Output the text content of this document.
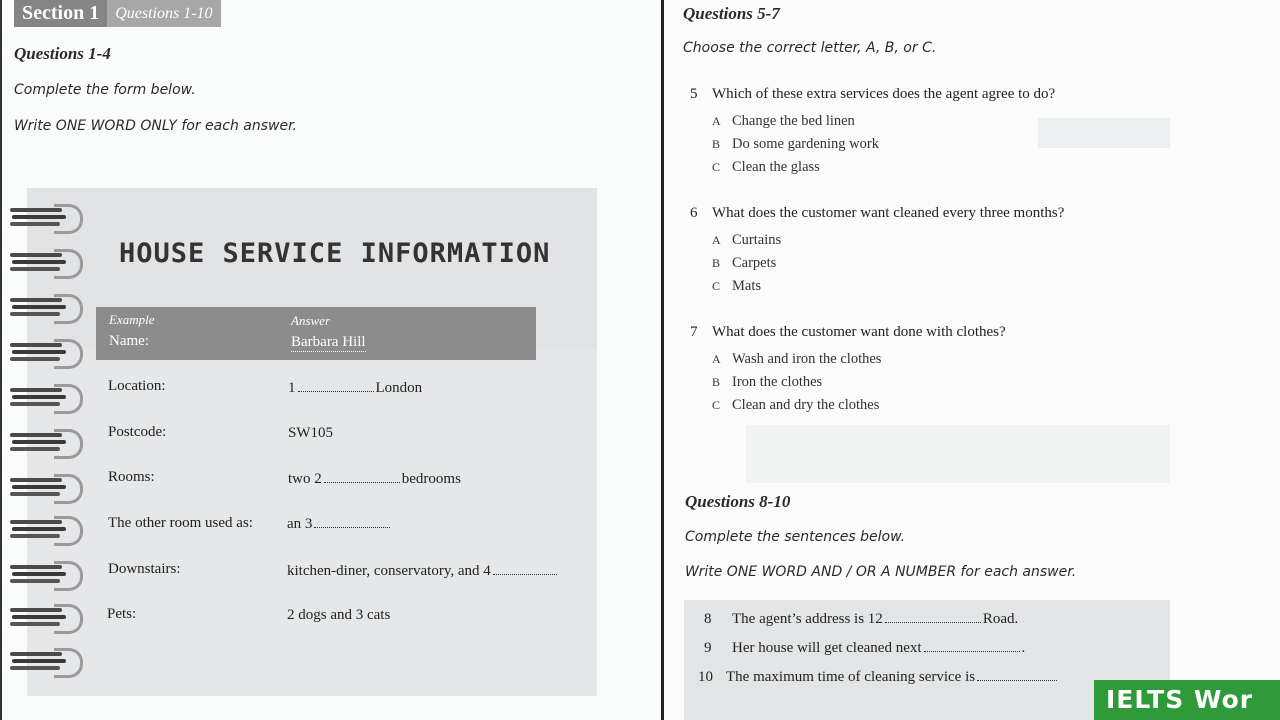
Section 1	Questions 1-10
Questions 1-4
Complete the form below.
Write ONE WORD ONLY for each answer.
HOUSE SERVICE INFORMATION
Example	Answer
Name:	Barbara Hill
Location:	1	London
Postcode:	SW105
Rooms:	two 2	bedrooms
The other room used as: an 3
Downstairs:	kitchen-diner, conservatory, and 4
Pets:	2 dogs and 3 cats
Questions 5-7
Choose the correct letter, A, B, or C.
5 Which of these extra services does the agent agree to do?
A Change the bed linen
B Do some gardening work
C Clean the glass
6 What does the customer want cleaned every three months?
A Curtains
B Carpets
C Mats
7 What does the customer want done with clothes?
A Wash and iron the clothes
B Iron the clothes
C Clean and dry the clothes
Questions 8-10
Complete the sentences below.
Write ONE WORD AND / OR A NUMBER for each answer.
8 The agent’s address is 12	Road.
9 Her house will get cleaned next	.
10 The maximum time of cleaning service is
IELTS Wor
